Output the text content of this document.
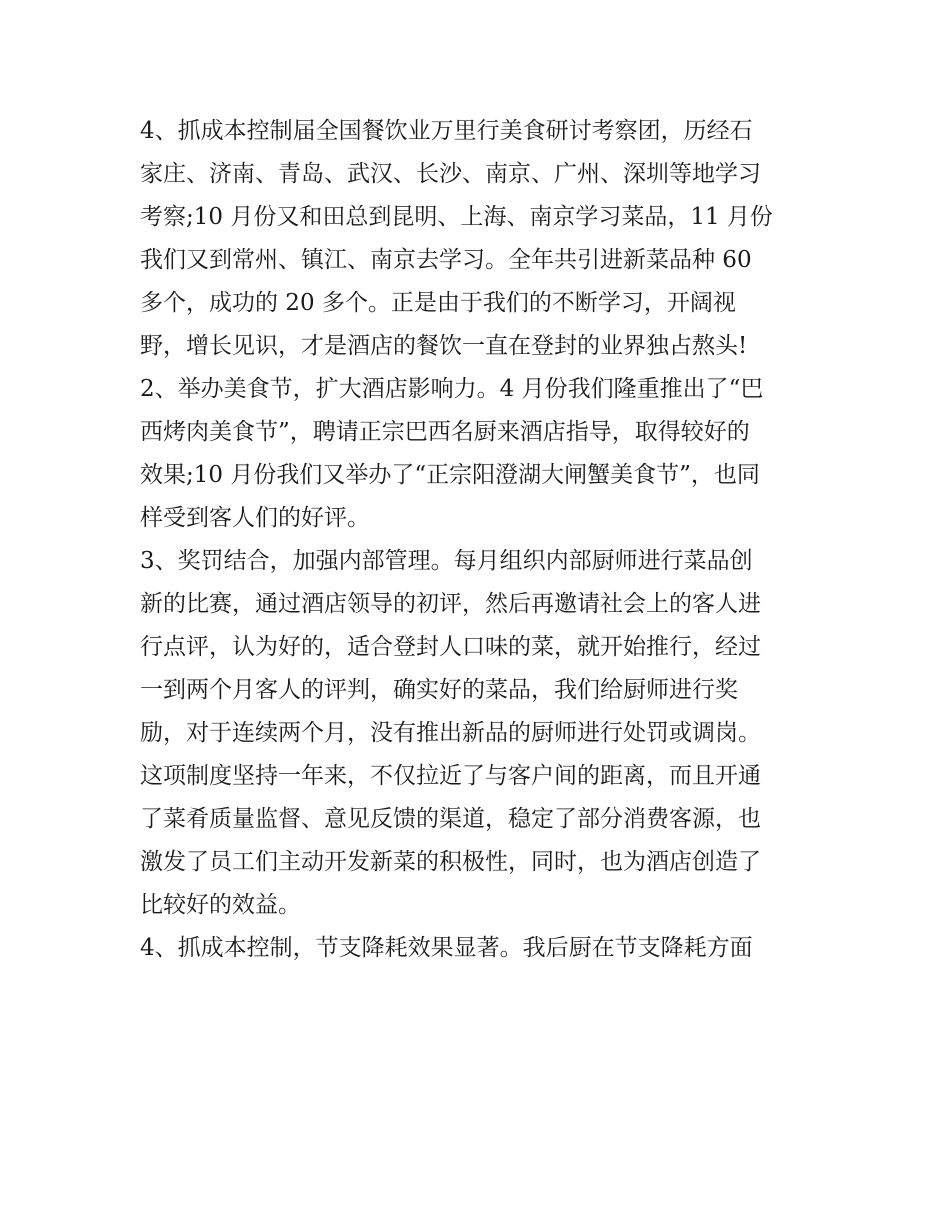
4、抓成本控制届全国餐饮业万里行美食研讨考察团，历经石
家庄、济南、青岛、武汉、长沙、南京、广州、深圳等地学习
考察;10 月份又和田总到昆明、上海、南京学习菜品，11 月份
我们又到常州、镇江、南京去学习。全年共引进新菜品种 60
多个，成功的 20 多个。正是由于我们的不断学习，开阔视
野，增长见识，才是酒店的餐饮一直在登封的业界独占熬头!
2、举办美食节，扩大酒店影响力。4 月份我们隆重推出了“巴
西烤肉美食节”，聘请正宗巴西名厨来酒店指导，取得较好的
效果;10 月份我们又举办了“正宗阳澄湖大闸蟹美食节”，也同
样受到客人们的好评。
3、奖罚结合，加强内部管理。每月组织内部厨师进行菜品创
新的比赛，通过酒店领导的初评，然后再邀请社会上的客人进
行点评，认为好的，适合登封人口味的菜，就开始推行，经过
一到两个月客人的评判，确实好的菜品，我们给厨师进行奖
励，对于连续两个月，没有推出新品的厨师进行处罚或调岗。
这项制度坚持一年来，不仅拉近了与客户间的距离，而且开通
了菜肴质量监督、意见反馈的渠道，稳定了部分消费客源，也
激发了员工们主动开发新菜的积极性，同时，也为酒店创造了
比较好的效益。
4、抓成本控制，节支降耗效果显著。我后厨在节支降耗方面
